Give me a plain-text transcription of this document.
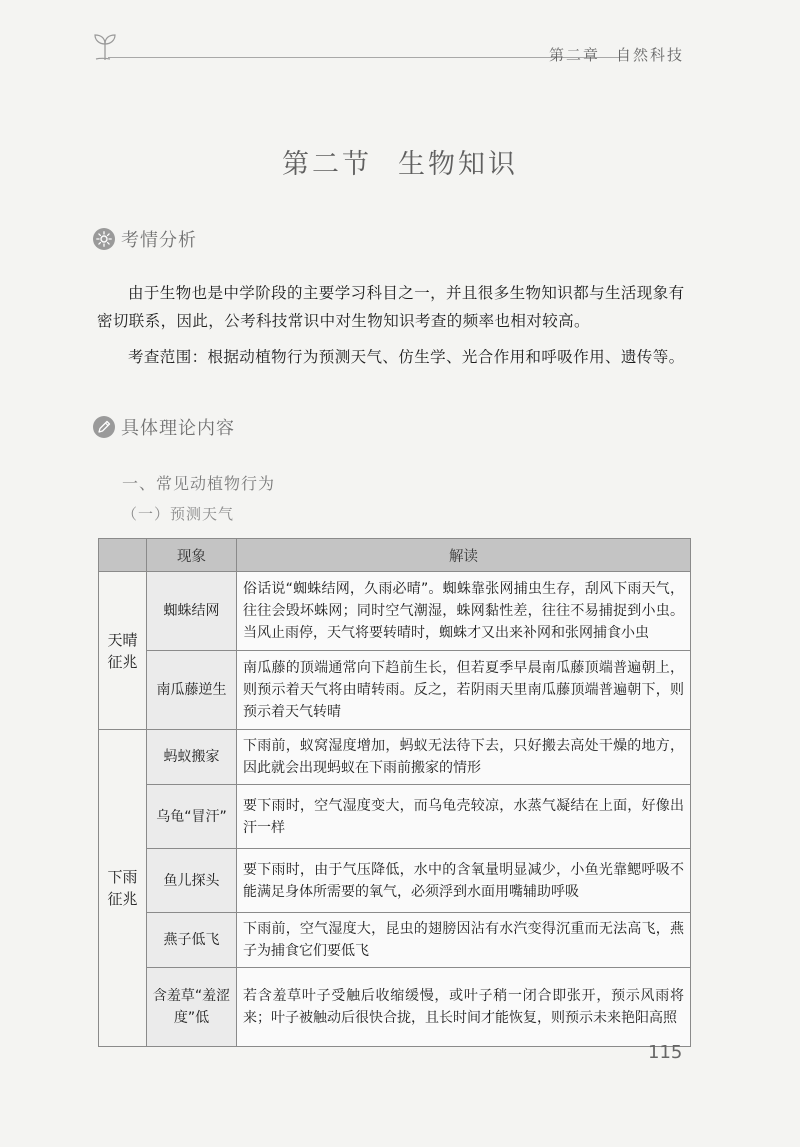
第二章 自然科技
第二节 生物知识
考情分析

由于生物也是中学阶段的主要学习科目之一，并且很多生物知识都与生活现象有密切联系，因此，公考科技常识中对生物知识考查的频率也相对较高。

考查范围：根据动植物行为预测天气、仿生学、光合作用和呼吸作用、遗传等。

具体理论内容
一、常见动植物行为
（一）预测天气
	现象	解读
天晴征兆	蜘蛛结网	俗话说“蜘蛛结网，久雨必晴”。蜘蛛靠张网捕虫生存，刮风下雨天气，往往会毁坏蛛网；同时空气潮湿，蛛网黏性差，往往不易捕捉到小虫。当风止雨停，天气将要转晴时，蜘蛛才又出来补网和张网捕食小虫
	南瓜藤逆生	南瓜藤的顶端通常向下趋前生长，但若夏季早晨南瓜藤顶端普遍朝上，则预示着天气将由晴转雨。反之，若阴雨天里南瓜藤顶端普遍朝下，则预示着天气转晴
下雨征兆	蚂蚁搬家	下雨前，蚁窝湿度增加，蚂蚁无法待下去，只好搬去高处干燥的地方，因此就会出现蚂蚁在下雨前搬家的情形
	乌龟“冒汗”	要下雨时，空气湿度变大，而乌龟壳较凉，水蒸气凝结在上面，好像出汗一样
	鱼儿探头	要下雨时，由于气压降低，水中的含氧量明显减少，小鱼光靠鳃呼吸不能满足身体所需要的氧气，必须浮到水面用嘴辅助呼吸
	燕子低飞	下雨前，空气湿度大，昆虫的翅膀因沾有水汽变得沉重而无法高飞，燕子为捕食它们要低飞
	含羞草“羞涩度”低	若含羞草叶子受触后收缩缓慢，或叶子稍一闭合即张开，预示风雨将来；叶子被触动后很快合拢，且长时间才能恢复，则预示未来艳阳高照
115
